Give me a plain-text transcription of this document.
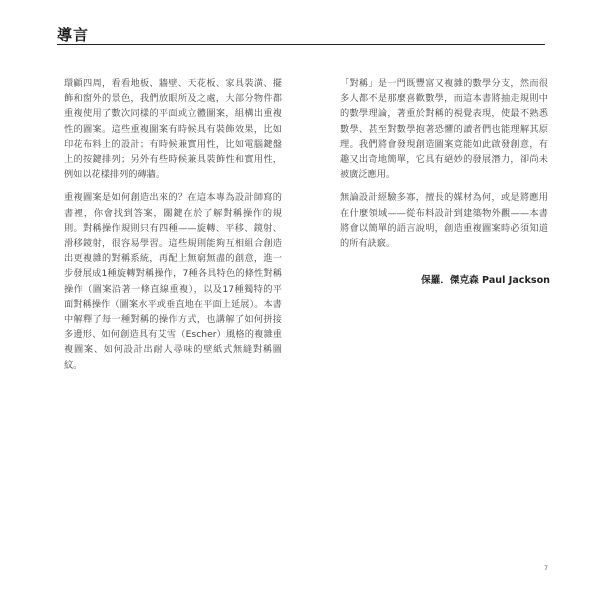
導言

環顧四周，看看地板、牆壁、天花板、家具裝潢、擺飾和窗外的景色，我們放眼所及之處，大部分物件都重複使用了數次同樣的平面或立體圖案，組構出重複性的圖案。這些重複圖案有時候具有裝飾效果，比如印花布料上的設計；有時候兼實用性，比如電腦鍵盤上的按鍵排列；另外有些時候兼具裝飾性和實用性，例如以花樣排列的磚牆。

重複圖案是如何創造出來的？在這本專為設計師寫的書裡，你會找到答案，關鍵在於了解對稱操作的規則。對稱操作規則只有四種——旋轉、平移、鏡射、滑移鏡射，很容易學習。這些規則能夠互相組合創造出更複雜的對稱系統，再配上無窮無盡的創意，進一步發展成1種旋轉對稱操作，7種各具特色的條性對稱操作（圖案沿著一條直線重複），以及17種獨特的平面對稱操作（圖案水平或垂直地在平面上延展）。本書中解釋了每一種對稱的操作方式，也講解了如何拼接多邊形、如何創造具有艾雪（Escher）風格的複雜重複圖案、如何設計出耐人尋味的壁紙式無縫對稱圖紋。

「對稱」是一門既豐富又複雜的數學分支，然而很多人都不是那麼喜歡數學，而這本書將抽走規則中的數學理論，著重於對稱的視覺表現，使最不熟悉數學、甚至對數學抱著恐懼的讀者們也能理解其原理。我們將會發現創造圖案竟能如此啟發創意，有趣又出奇地簡單，它具有絕妙的發展潛力，卻尚未被廣泛應用。

無論設計經驗多寡，擅長的媒材為何，或是將應用在什麼領域——從布料設計到建築物外觀——本書將會以簡單的語言說明，創造重複圖案時必須知道的所有訣竅。

保羅．傑克森 Paul Jackson
7
